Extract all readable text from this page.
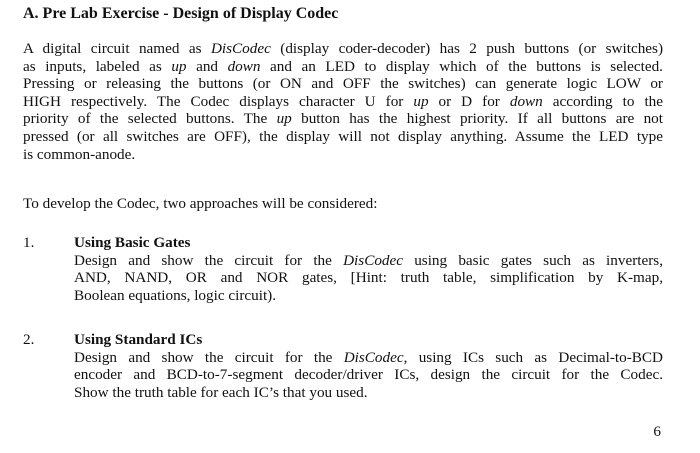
A. Pre Lab Exercise - Design of Display Codec
A digital circuit named as DisCodec (display coder-decoder) has 2 push buttons (or switches)
as inputs, labeled as up and down and an LED to display which of the buttons is selected.
Pressing or releasing the buttons (or ON and OFF the switches) can generate logic LOW or
HIGH respectively. The Codec displays character U for up or D for down according to the
priority of the selected buttons. The up button has the highest priority. If all buttons are not
pressed (or all switches are OFF), the display will not display anything. Assume the LED type
is common-anode.
To develop the Codec, two approaches will be considered:
1.	Using Basic Gates
Design and show the circuit for the DisCodec using basic gates such as inverters,
AND, NAND, OR and NOR gates, [Hint: truth table, simplification by K-map,
Boolean equations, logic circuit).
2.	Using Standard ICs
Design and show the circuit for the DisCodec, using ICs such as Decimal-to-BCD
encoder and BCD-to-7-segment decoder/driver ICs, design the circuit for the Codec.
Show the truth table for each IC’s that you used.
6
